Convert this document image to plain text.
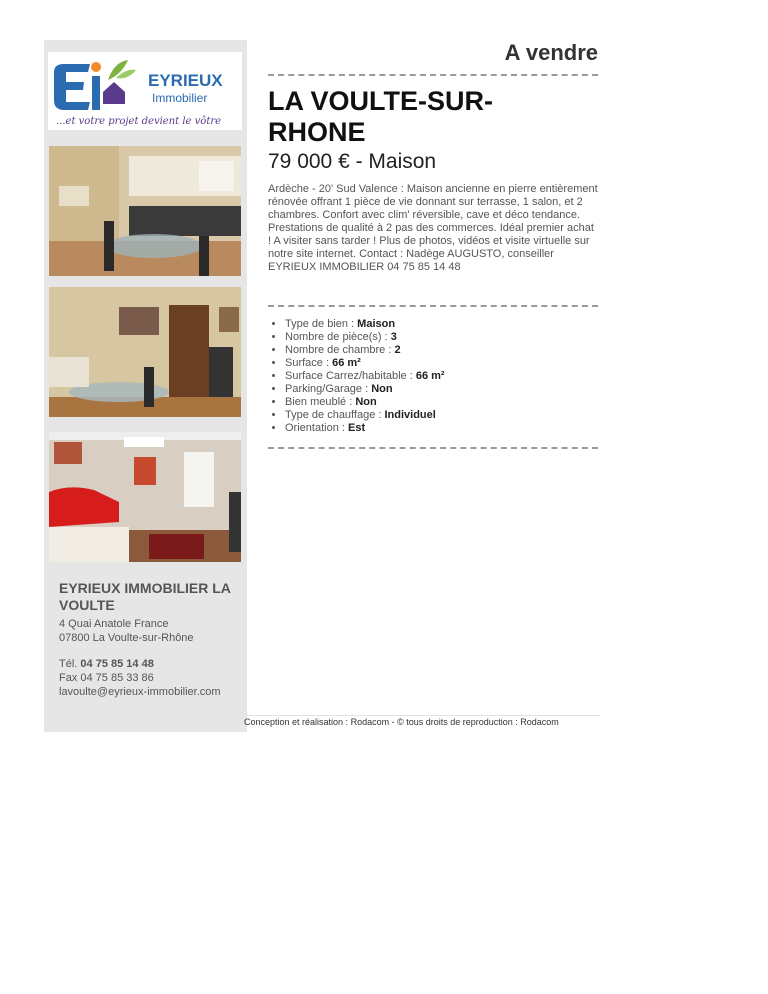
EYRIEUX
Immobilier
...et votre projet devient le vôtre
EYRIEUX IMMOBILIER LA VOULTE
4 Quai Anatole France
07800 La Voulte-sur-Rhône
Tél. 04 75 85 14 48
Fax 04 75 85 33 86
lavoulte@eyrieux-immobilier.com
A vendre
LA VOULTE-SUR-RHONE
79 000 € - Maison
Ardèche - 20' Sud Valence : Maison ancienne en pierre entièrement rénovée offrant 1 pièce de vie donnant sur terrasse, 1 salon, et 2 chambres. Confort avec clim' réversible, cave et déco tendance. Prestations de qualité à 2 pas des commerces. Idéal premier achat ! A visiter sans tarder ! Plus de photos, vidéos et visite virtuelle sur notre site internet. Contact : Nadège AUGUSTO, conseiller EYRIEUX IMMOBILIER 04 75 85 14 48
• Type de bien : Maison
• Nombre de pièce(s) : 3
• Nombre de chambre : 2
• Surface : 66 m²
• Surface Carrez/habitable : 66 m²
• Parking/Garage : Non
• Bien meublé : Non
• Type de chauffage : Individuel
• Orientation : Est
Conception et réalisation : Rodacom - © tous droits de reproduction : Rodacom
